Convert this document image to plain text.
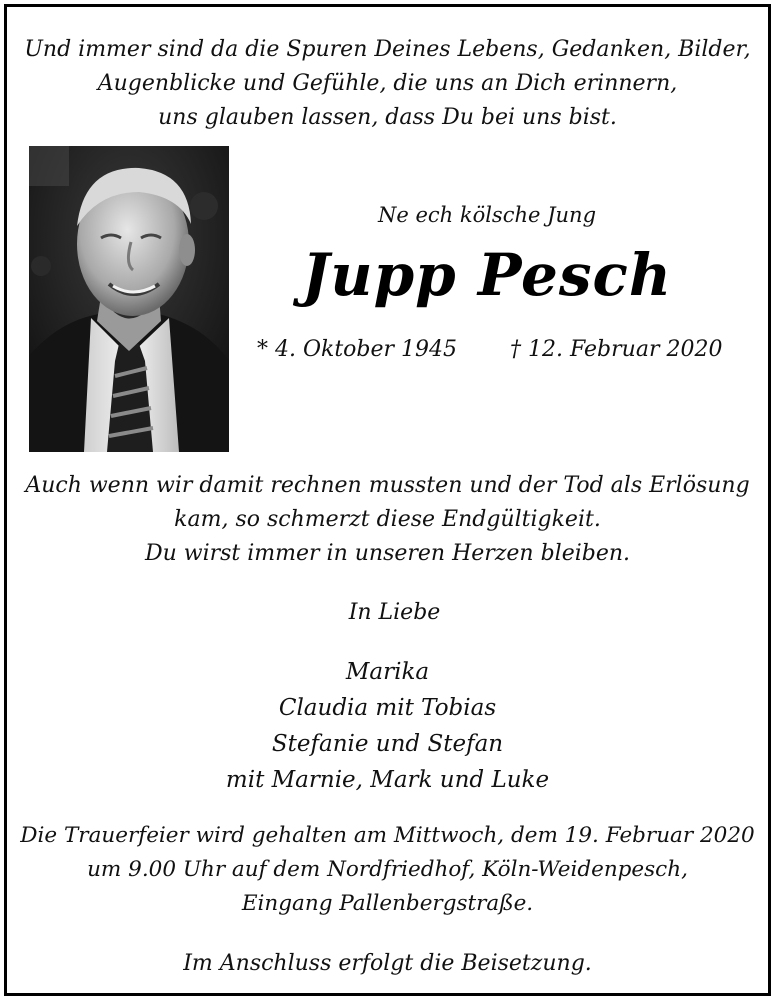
Und immer sind da die Spuren Deines Lebens, Gedanken, Bilder,
Augenblicke und Gefühle, die uns an Dich erinnern,
uns glauben lassen, dass Du bei uns bist.
Ne ech kölsche Jung
Jupp Pesch
* 4. Oktober 1945 † 12. Februar 2020
Auch wenn wir damit rechnen mussten und der Tod als Erlösung
kam, so schmerzt diese Endgültigkeit.
Du wirst immer in unseren Herzen bleiben.
In Liebe
Marika
Claudia mit Tobias
Stefanie und Stefan
mit Marnie, Mark und Luke
Die Trauerfeier wird gehalten am Mittwoch, dem 19. Februar 2020
um 9.00 Uhr auf dem Nordfriedhof, Köln-Weidenpesch,
Eingang Pallenbergstraße.
Im Anschluss erfolgt die Beisetzung.
